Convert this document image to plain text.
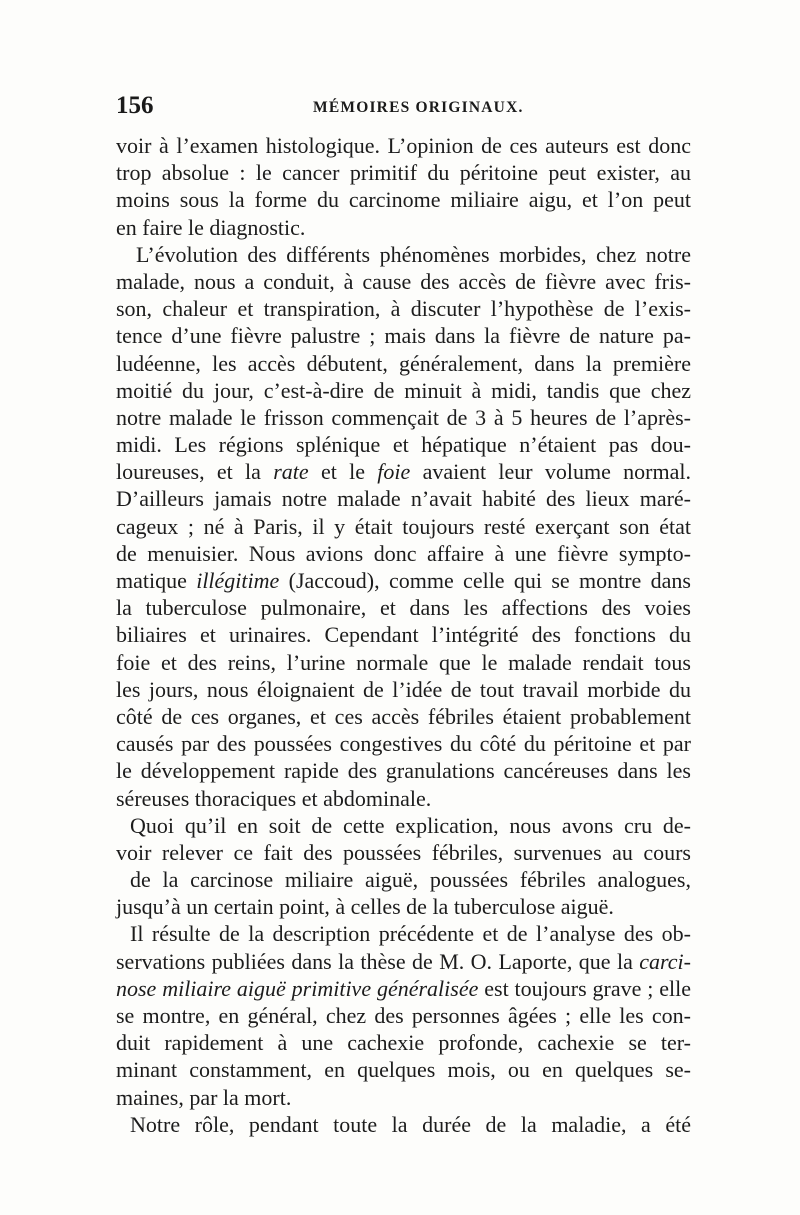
156	MÉMOIRES ORIGINAUX.
voir à l’examen histologique. L’opinion de ces auteurs est donc
trop absolue : le cancer primitif du péritoine peut exister, au
moins sous la forme du carcinome miliaire aigu, et l’on peut
en faire le diagnostic.
L’évolution des différents phénomènes morbides, chez notre
malade, nous a conduit, à cause des accès de fièvre avec fris-
son, chaleur et transpiration, à discuter l’hypothèse de l’exis-
tence d’une fièvre palustre ; mais dans la fièvre de nature pa-
ludéenne, les accès débutent, généralement, dans la première
moitié du jour, c’est-à-dire de minuit à midi, tandis que chez
notre malade le frisson commençait de 3 à 5 heures de l’après-
midi. Les régions splénique et hépatique n’étaient pas dou-
loureuses, et la rate et le foie avaient leur volume normal.
D’ailleurs jamais notre malade n’avait habité des lieux maré-
cageux ; né à Paris, il y était toujours resté exerçant son état
de menuisier. Nous avions donc affaire à une fièvre sympto-
matique illégitime (Jaccoud), comme celle qui se montre dans
la tuberculose pulmonaire, et dans les affections des voies
biliaires et urinaires. Cependant l’intégrité des fonctions du
foie et des reins, l’urine normale que le malade rendait tous
les jours, nous éloignaient de l’idée de tout travail morbide du
côté de ces organes, et ces accès fébriles étaient probablement
causés par des poussées congestives du côté du péritoine et par
le développement rapide des granulations cancéreuses dans les
séreuses thoraciques et abdominale.
Quoi qu’il en soit de cette explication, nous avons cru de-
voir relever ce fait des poussées fébriles, survenues au cours
de la carcinose miliaire aiguë, poussées fébriles analogues,
jusqu’à un certain point, à celles de la tuberculose aiguë.
Il résulte de la description précédente et de l’analyse des ob-
servations publiées dans la thèse de M. O. Laporte, que la carci-
nose miliaire aiguë primitive généralisée est toujours grave ; elle
se montre, en général, chez des personnes âgées ; elle les con-
duit rapidement à une cachexie profonde, cachexie se ter-
minant constamment, en quelques mois, ou en quelques se-
maines, par la mort.
Notre rôle, pendant toute la durée de la maladie, a été
